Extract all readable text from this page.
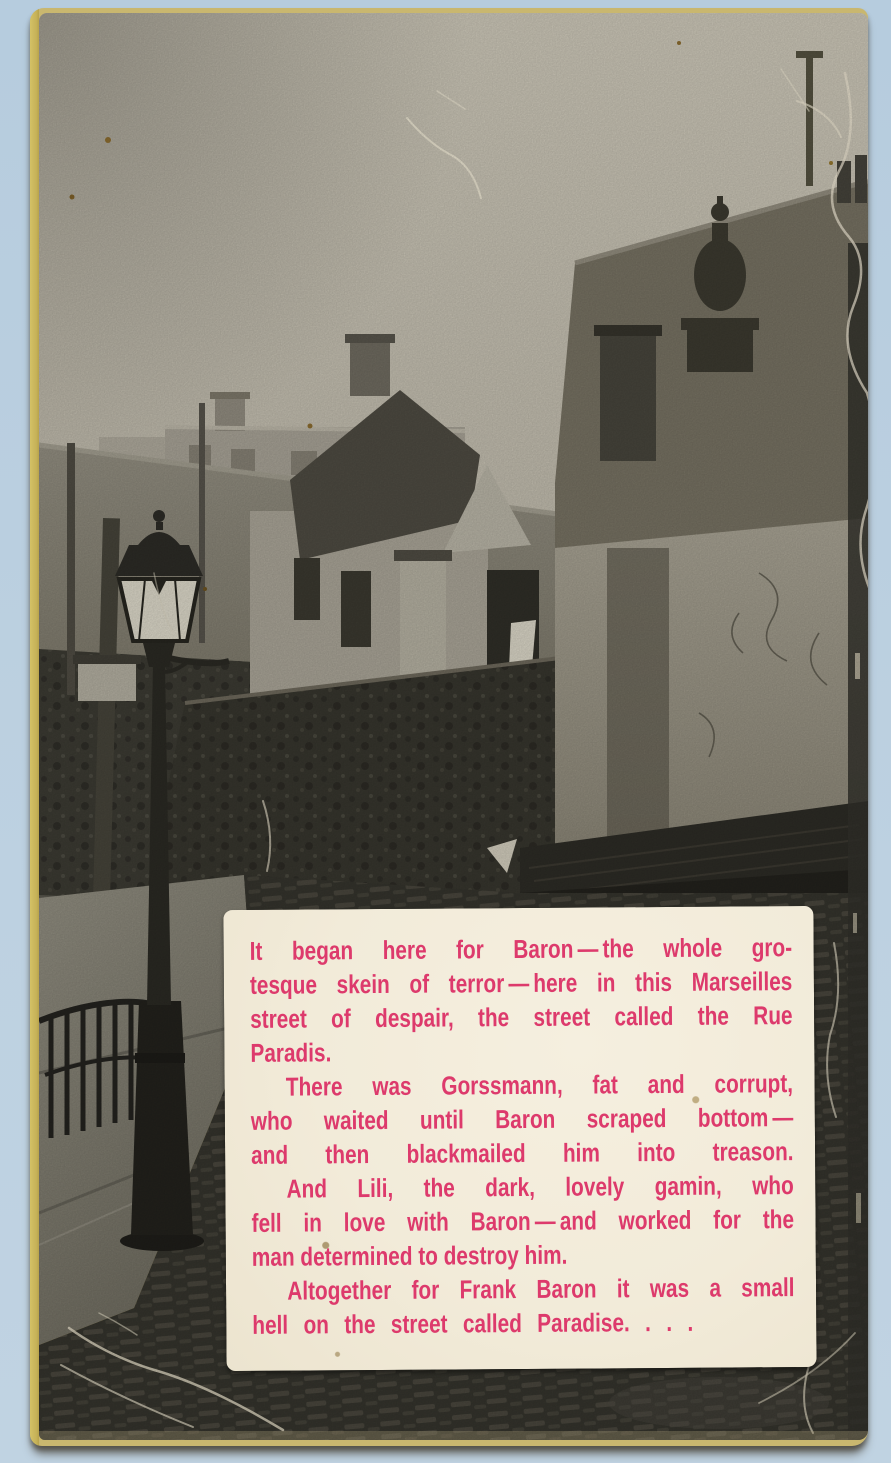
It began here for Baron — the whole gro-
tesque skein of terror — here in this Marseilles
street of despair, the street called the Rue
Paradis.
There was Gorssmann, fat and corrupt,
who waited until Baron scraped bottom —
and then blackmailed him into treason.
And Lili, the dark, lovely gamin, who
fell in love with Baron — and worked for the
man determined to destroy him.
Altogether for Frank Baron it was a small
hell on the street called Paradise. . . .
